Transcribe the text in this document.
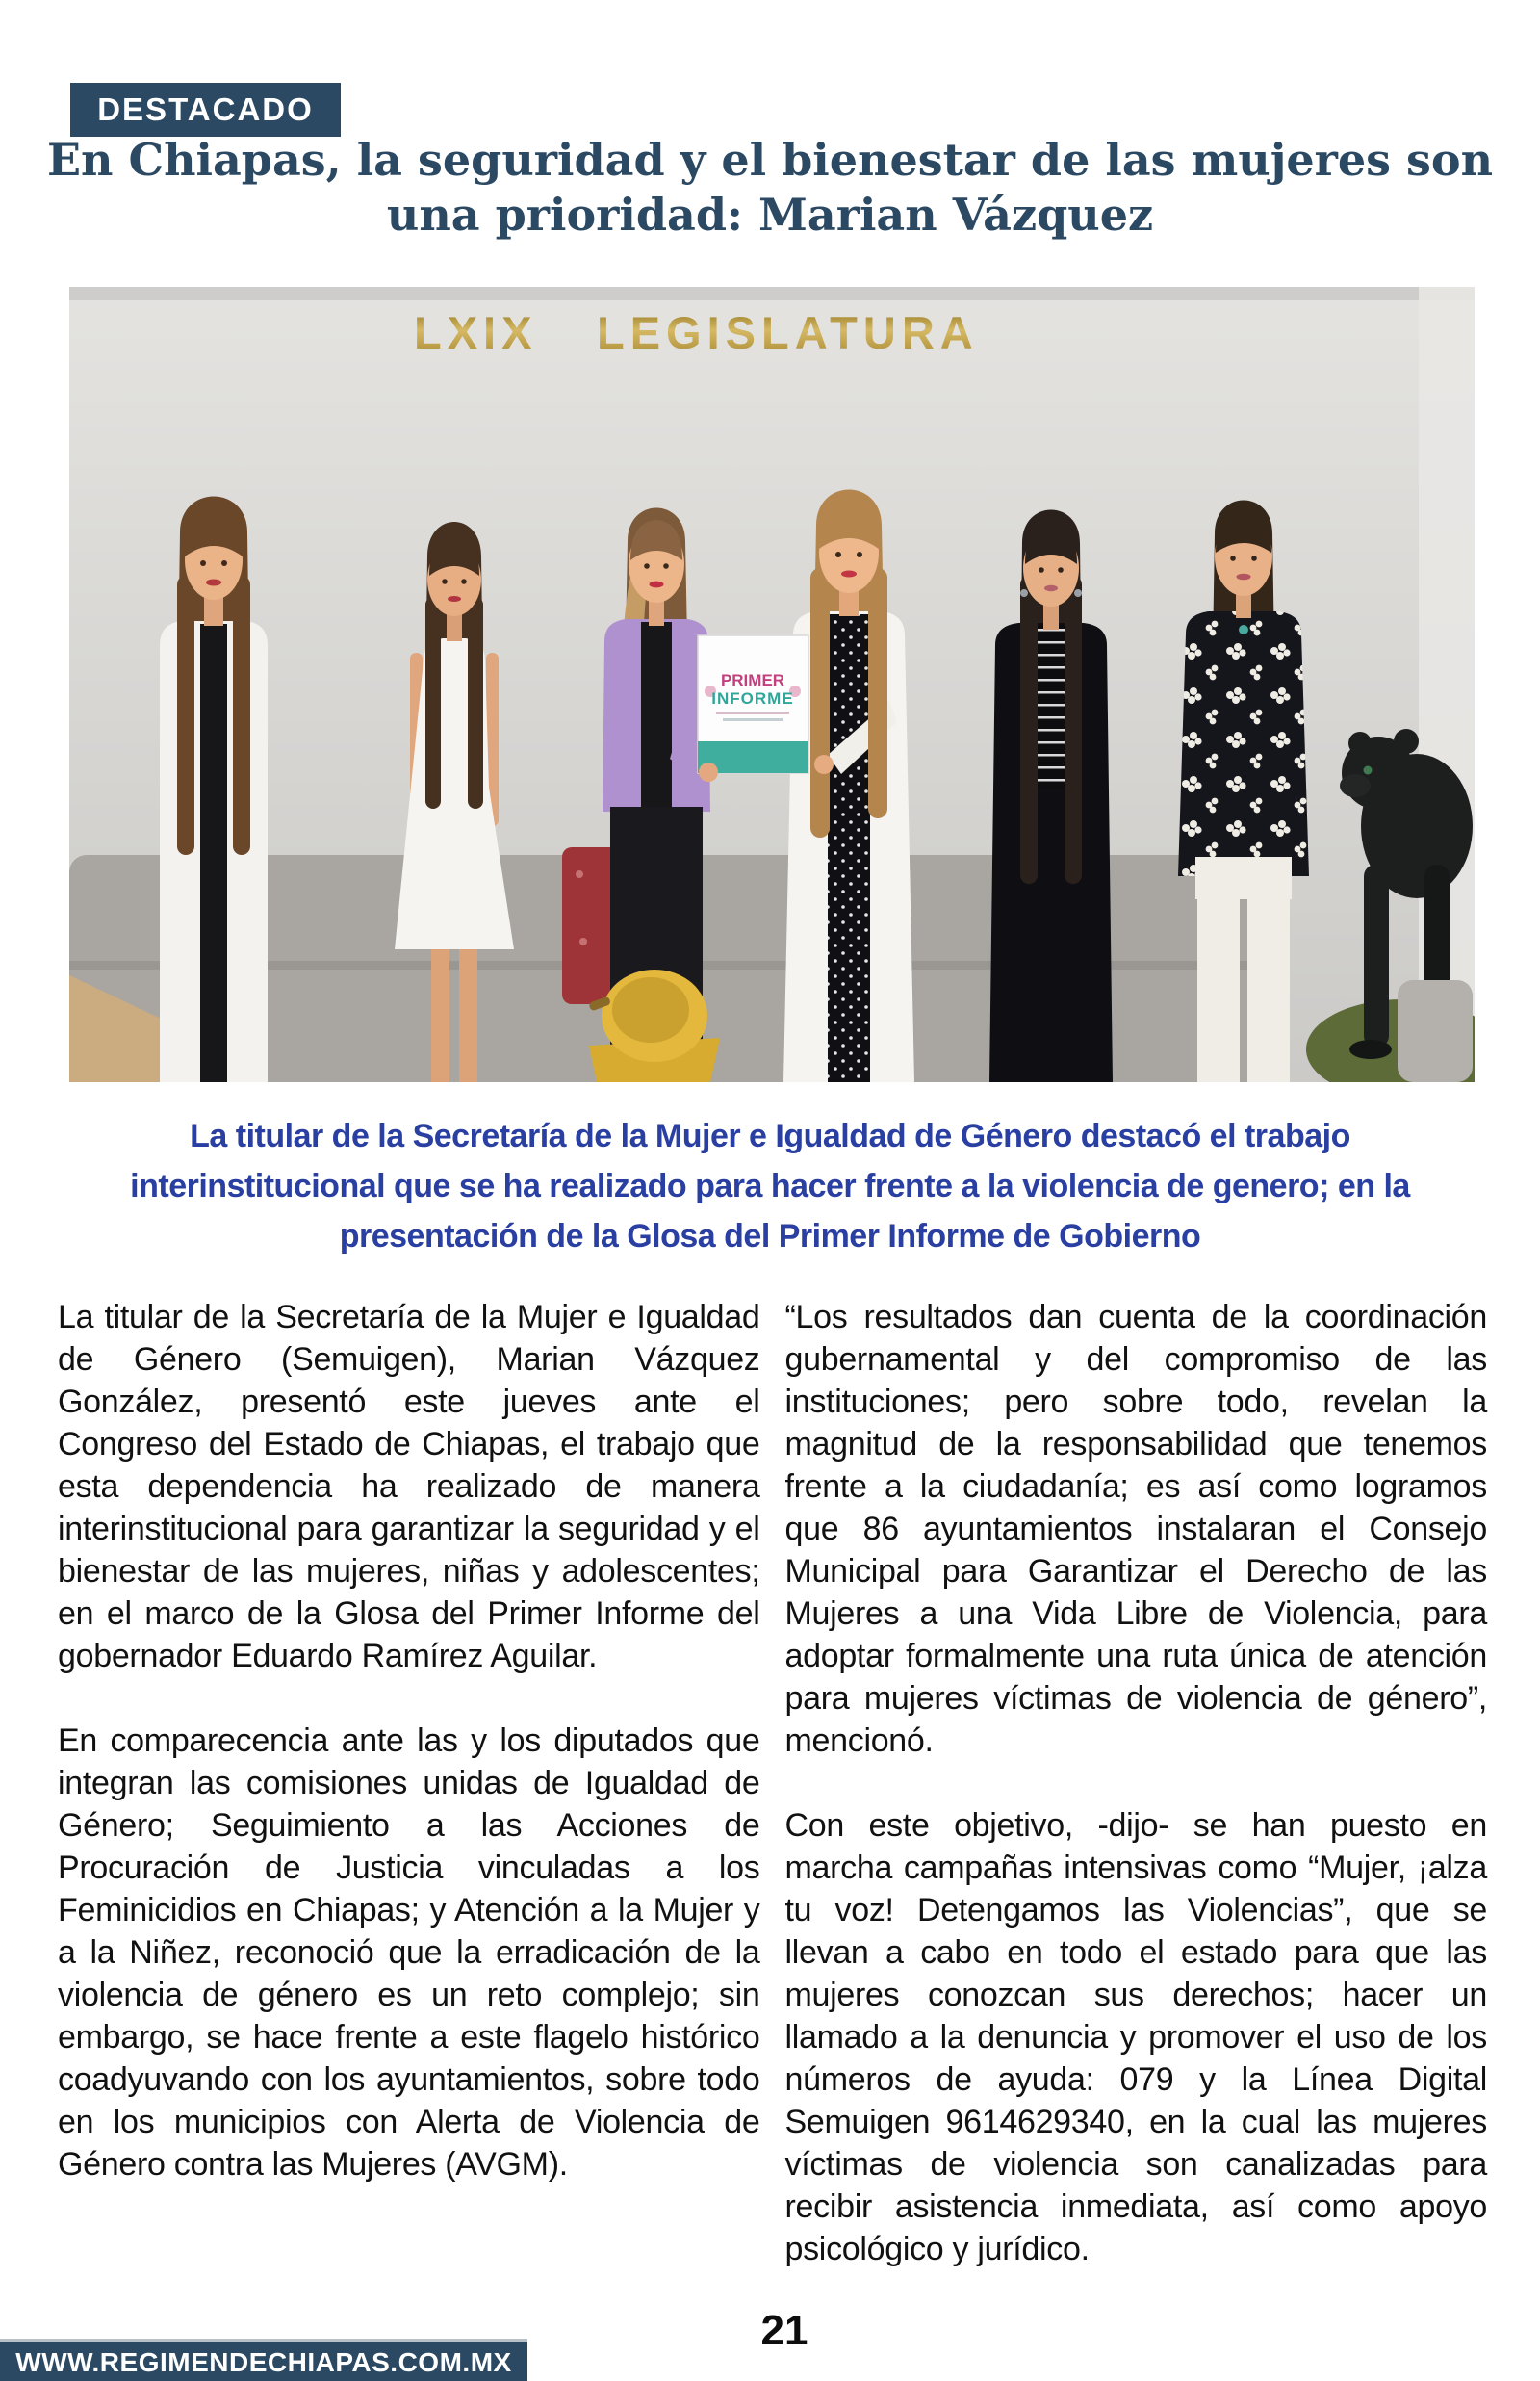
DESTACADO
En Chiapas, la seguridad y el bienestar de las mujeres son
una prioridad: Marian Vázquez
LXIX LEGISLATURA
PRIMER
INFORME
La titular de la Secretaría de la Mujer e Igualdad de Género destacó el trabajo
interinstitucional que se ha realizado para hacer frente a la violencia de genero; en la
presentación de la Glosa del Primer Informe de Gobierno

La titular de la Secretaría de la Mujer e Igualdad de Género (Semuigen), Marian Vázquez González, presentó este jueves ante el Congreso del Estado de Chiapas, el trabajo que esta dependencia ha realizado de manera interinstitucional para garantizar la seguridad y el bienestar de las mujeres, niñas y adolescentes; en el marco de la Glosa del Primer Informe del gobernador Eduardo Ramírez Aguilar.

En comparecencia ante las y los diputados que integran las comisiones unidas de Igualdad de Género; Seguimiento a las Acciones de Procuración de Justicia vinculadas a los Feminicidios en Chiapas; y Atención a la Mujer y a la Niñez, reconoció que la erradicación de la violencia de género es un reto complejo; sin embargo, se hace frente a este flagelo histórico coadyuvando con los ayuntamientos, sobre todo en los municipios con Alerta de Violencia de Género contra las Mujeres (AVGM).

“Los resultados dan cuenta de la coordinación gubernamental y del compromiso de las instituciones; pero sobre todo, revelan la magnitud de la responsabilidad que tenemos frente a la ciudadanía; es así como logramos que 86 ayuntamientos instalaran el Consejo Municipal para Garantizar el Derecho de las Mujeres a una Vida Libre de Violencia, para adoptar formalmente una ruta única de atención para mujeres víctimas de violencia de género”, mencionó.

Con este objetivo, -dijo- se han puesto en marcha campañas intensivas como “Mujer, ¡alza tu voz! Detengamos las Violencias”, que se llevan a cabo en todo el estado para que las mujeres conozcan sus derechos; hacer un llamado a la denuncia y promover el uso de los números de ayuda: 079 y la Línea Digital Semuigen 9614629340, en la cual las mujeres víctimas de violencia son canalizadas para recibir asistencia inmediata, así como apoyo psicológico y jurídico.

WWW.REGIMENDECHIAPAS.COM.MX
21
